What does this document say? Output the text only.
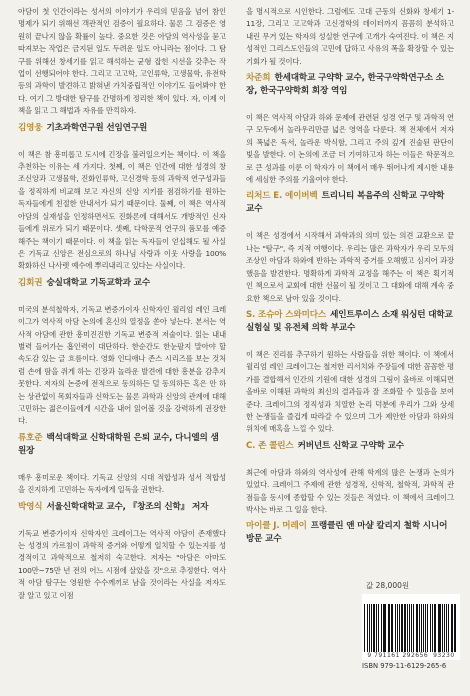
아담이 첫 인간이라는 성서의 이야기가 우리의 믿음을 넘어 참인 명제가 되기 위해선 객관적인 검증이 필요하다. 물론 그 검증은 영원히 끝나지 않을 확률이 높다. 중요한 것은 아담의 역사성을 묻고 따져보는 작업은 금지된 일도 두려운 일도 아니라는 점이다. 그 탐구를 위해선 창세기를 읽고 해석하는 균형 잡힌 시선을 갖추는 작업이 선행되어야 한다. 그리고 고고학, 고인류학, 고생물학, 유전학 등의 과학이 발견하고 밝혀낸 가치중립적인 이야기도 들어봐야 한다. 여기 그 방대한 탐구를 간명하게 정리한 책이 있다. 자, 이제 이 책을 읽고 그 해법과 자유를 만끽하자.

김영웅 기초과학연구원 선임연구원

이 책은 참 흥미롭고 도시에 긴장을 불러일으키는 책이다. 이 책을 추천하는 이유는 세 가지다. 첫째, 이 책은 인간에 대한 성경의 창조신앙과 고생물학, 진화인류학, 고신경학 등의 과학적 연구성과들을 정직하게 비교해 보고 자신의 신앙 지키를 점검하기를 원하는 독자들에게 친절한 안내서가 되기 때문이다. 둘째, 이 책은 역사적 아담의 실재성을 인정하면서도 진화론에 대해서도 개방적인 신자들에게 위로가 되기 때문이다. 셋째, 다학문적 연구의 품모를 예증해주는 책이기 때문이다. 이 책을 읽는 독자들이 얻십해도 될 사실은 기독교 신앙은 전심으로의 하나님 사랑과 이웃 사랑을 100% 확화하신 나사렛 예수에 뿌리내리고 있다는 사실이다.

김회권 숭실대학교 기독교학과 교수

미국의 분석철학자, 기독교 변증가이자 신학자인 윌리엄 레인 크레이그가 역사적 아담 논의에 혼신의 열정을 쏟아 넣는다. 본서는 역사적 아담에 관한 흥미진진한 기독교 변증적 저술이다. 읽는 내내 별력 들어가는 흡인력이 대단하다. 한순간도 한눈팔지 말아야 할 속도감 있는 글 흐름이다. 영화 인디애나 존스 시리즈를 보는 것처럼 손에 땀을 쥐게 하는 긴장과 놀라운 발견에 대한 흥분을 감추지 못한다. 저자의 논증에 전적으로 동의하든 덜 동의하든 혹은 안 하는 상관없이 목회자들과 신학도는 물론 과학과 신앙의 관계에 대해 고민하는 젊은이들에게 시간을 내어 읽어볼 것을 강력하게 권장한다.

류호준 백석대학교 신학대학원 은퇴 교수, 다니엘의 샘 원장

매우 흥미로운 책이다. 기독교 신앙의 시대 적합성과 성서 적합성을 진지하게 고민하는 독자에게 일독을 권한다.

박영식 서울신학대학교 교수, 『창조의 신학』 저자

기독교 변증가이자 신학자인 크레이그는 역사적 아담이 존재했다는 성경의 가르침이 과학적 증거와 어떻게 일치할 수 있는지를 성경적이고 과학적으로 철저히 숙고한다. 저자는 "아담은 아마도 100만~75만 년 전의 어느 시점에 살았을 것"으로 추정한다. 역사적 아담 탐구는 영원한 수수께끼로 남을 것이라는 사실을 저자도 잘 알고 있고 이점

을 명시적으로 시인한다. 그럼에도 고대 근동의 신화와 창세기 1-11장, 그리고 고고학과 고신경학의 데이터까지 꼼꼼히 분석하고 내린 무거 있는 학자의 성실한 연구에 고개가 숙여진다. 이 책은 지성적인 그리스도인들의 고민에 답하고 사유의 폭을 확장할 수 있는 기회가 될 것이다.

차준희 한세대학교 구약학 교수, 한국구약학연구소 소장, 한국구약학회 회장 역임

이 책은 역사적 아담과 하와 문제에 관련된 성경 연구 및 과학적 연구 모두에서 놀라우리만큼 넓은 영역을 다룬다. 책 전체에서 저자의 폭넓은 독서, 놀라운 박식함, 그리고 주의 깊게 진술된 판단이 빛을 발한다. 이 논의에 조금 더 기여하고자 하는 이들은 학문적으로 큰 성과를 이룬 이 학자가 이 책에서 매우 뛰어나게 제시한 내용에 세심한 주의를 기울여야 한다.

리처드 E. 에이버벡 트리니티 복음주의 신학교 구약학 교수

이 책은 성경에서 시작해서 과학과의 의미 있는 의견 교환으로 끝나는 "탐구", 즉 지적 여행이다. 우리는 많은 과학자가 우리 모두의 조상인 아담과 하와에 반하는 과학적 증거를 오해했고 심지어 과장했음을 발견한다. 명확하게 과학적 교정을 해주는 이 책은 획기적인 책으로서 교회에 대한 선물이 될 것이고 그 대화에 대해 계속 중요한 책으로 남아 있을 것이다.

S. 조슈아 스와미다스 세인트루이스 소재 워싱턴 대학교 실험실 및 유전체 의학 부교수

이 책은 진리를 추구하기 원하는 사람들을 위한 책이다. 이 책에서 윌리엄 레인 크레이그는 철저한 리서치와 주장들에 대한 꼼꼼한 평가를 결합해서 인간의 기원에 대한 성경의 그림이 올바로 이해되면 올바로 이해된 과학의 최신의 결과들과 잘 조화할 수 있음을 보여준다. 크레이그의 정직성과 치열한 논리 덕분에 우리가 그와 상세한 논쟁들을 즐겁게 따라갈 수 있으며 그가 제안한 아담과 하와의 위치에 매혹을 느낄 수 있다.

C. 존 콜린스 커버넌트 신학교 구약학 교수

최근에 아담과 하와의 역사성에 관해 학계의 많은 논쟁과 논의가 있었다. 크레이그 주제에 관한 성경적, 신학적, 철학적, 과학적 관점들을 동시에 종합할 수 있는 것들은 적었다. 이 책에서 크레이그 박사는 바로 그 일을 한다.

마이클 J. 머레이 프랭클린 앤 마샬 칼리지 철학 시니어 방문 교수
값 28,000원
9 791161 292656 93230
ISBN 979-11-6129-265-6
